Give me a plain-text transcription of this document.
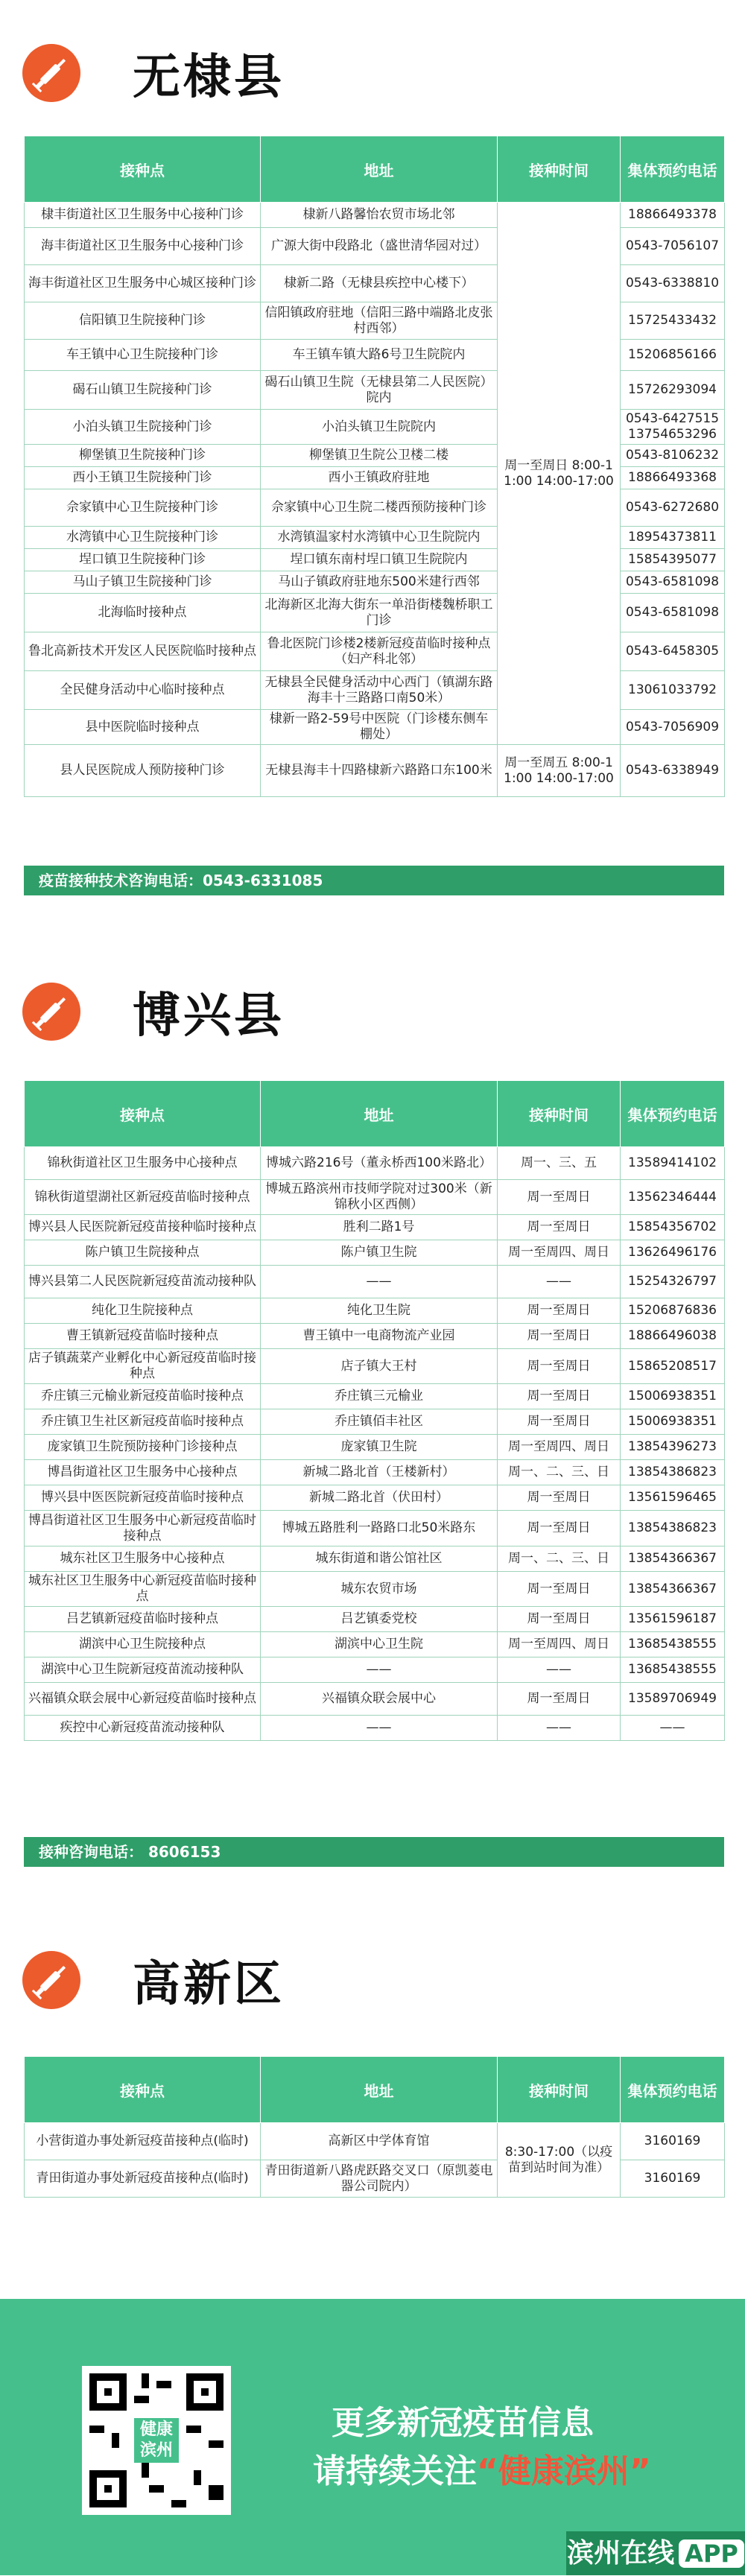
无棣县
接种点	地址	接种时间	集体预约电话
棣丰街道社区卫生服务中心接种门诊	棣新八路馨怡农贸市场北邻	周一至周日 8:00-11:00 14:00-17:00	18866493378
海丰街道社区卫生服务中心接种门诊	广源大街中段路北（盛世清华园对过）		0543-7056107
海丰街道社区卫生服务中心城区接种门诊	棣新二路（无棣县疾控中心楼下）		0543-6338810
信阳镇卫生院接种门诊	信阳镇政府驻地（信阳三路中端路北皮张村西邻）		15725433432
车王镇中心卫生院接种门诊	车王镇车镇大路6号卫生院院内		15206856166
碣石山镇卫生院接种门诊	碣石山镇卫生院（无棣县第二人民医院）院内		15726293094
小泊头镇卫生院接种门诊	小泊头镇卫生院院内		0543-6427515 13754653296
柳堡镇卫生院接种门诊	柳堡镇卫生院公卫楼二楼		0543-8106232
西小王镇卫生院接种门诊	西小王镇政府驻地		18866493368
佘家镇中心卫生院接种门诊	佘家镇中心卫生院二楼西预防接种门诊		0543-6272680
水湾镇中心卫生院接种门诊	水湾镇温家村水湾镇中心卫生院院内		18954373811
埕口镇卫生院接种门诊	埕口镇东南村埕口镇卫生院院内		15854395077
马山子镇卫生院接种门诊	马山子镇政府驻地东500米建行西邻		0543-6581098
北海临时接种点	北海新区北海大街东一单沿街楼魏桥职工门诊		0543-6581098
鲁北高新技术开发区人民医院临时接种点	鲁北医院门诊楼2楼新冠疫苗临时接种点（妇产科北邻）		0543-6458305
全民健身活动中心临时接种点	无棣县全民健身活动中心西门（镇湖东路海丰十三路路口南50米）		13061033792
县中医院临时接种点	棣新一路2-59号中医院（门诊楼东侧车棚处）		0543-7056909
县人民医院成人预防接种门诊	无棣县海丰十四路棣新六路路口东100米	周一至周五 8:00-11:00 14:00-17:00	0543-6338949
疫苗接种技术咨询电话：0543-6331085
博兴县
接种点	地址	接种时间	集体预约电话
锦秋街道社区卫生服务中心接种点	博城六路216号（董永桥西100米路北）	周一、三、五	13589414102
锦秋街道望湖社区新冠疫苗临时接种点	博城五路滨州市技师学院对过300米（新锦秋小区西侧）	周一至周日	13562346444
博兴县人民医院新冠疫苗接种临时接种点	胜利二路1号	周一至周日	15854356702
陈户镇卫生院接种点	陈户镇卫生院	周一至周四、周日	13626496176
博兴县第二人民医院新冠疫苗流动接种队	——	——	15254326797
纯化卫生院接种点	纯化卫生院	周一至周日	15206876836
曹王镇新冠疫苗临时接种点	曹王镇中一电商物流产业园	周一至周日	18866496038
店子镇蔬菜产业孵化中心新冠疫苗临时接种点	店子镇大王村	周一至周日	15865208517
乔庄镇三元榆业新冠疫苗临时接种点	乔庄镇三元榆业	周一至周日	15006938351
乔庄镇卫生社区新冠疫苗临时接种点	乔庄镇佰丰社区	周一至周日	15006938351
庞家镇卫生院预防接种门诊接种点	庞家镇卫生院	周一至周四、周日	13854396273
博昌街道社区卫生服务中心接种点	新城二路北首（王楼新村）	周一、二、三、日	13854386823
博兴县中医医院新冠疫苗临时接种点	新城二路北首（伏田村）	周一至周日	13561596465
博昌街道社区卫生服务中心新冠疫苗临时接种点	博城五路胜利一路路口北50米路东	周一至周日	13854386823
城东社区卫生服务中心接种点	城东街道和谐公馆社区	周一、二、三、日	13854366367
城东社区卫生服务中心新冠疫苗临时接种点	城东农贸市场	周一至周日	13854366367
吕艺镇新冠疫苗临时接种点	吕艺镇委党校	周一至周日	13561596187
湖滨中心卫生院接种点	湖滨中心卫生院	周一至周四、周日	13685438555
湖滨中心卫生院新冠疫苗流动接种队	——	——	13685438555
兴福镇众联会展中心新冠疫苗临时接种点	兴福镇众联会展中心	周一至周日	13589706949
疾控中心新冠疫苗流动接种队	——	——	——
接种咨询电话： 8606153
高新区
接种点	地址	接种时间	集体预约电话
小营街道办事处新冠疫苗接种点(临时)	高新区中学体育馆	8:30-17:00（以疫苗到站时间为准）	3160169
青田街道办事处新冠疫苗接种点(临时)	青田街道新八路虎跃路交叉口（原凯菱电器公司院内）		3160169
健康滨州
更多新冠疫苗信息
请持续关注“健康滨州”
滨州在线 APP
